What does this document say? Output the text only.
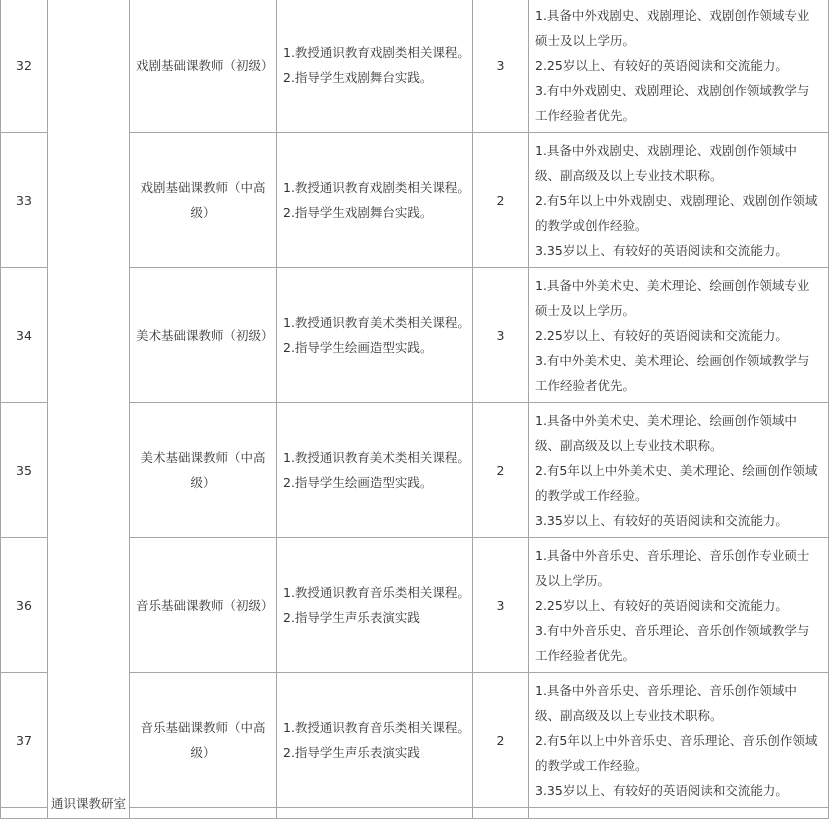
32	通识课教研室	戏剧基础课教师（初级）	1.教授通识教育戏剧类相关课程。
2.指导学生戏剧舞台实践。	3	1.具备中外戏剧史、戏剧理论、戏剧创作领域专业
硕士及以上学历。
2.25岁以上、有较好的英语阅读和交流能力。
3.有中外戏剧史、戏剧理论、戏剧创作领域教学与
工作经验者优先。

33		戏剧基础课教师（中高级）	1.教授通识教育戏剧类相关课程。
2.指导学生戏剧舞台实践。	2	1.具备中外戏剧史、戏剧理论、戏剧创作领域中
级、副高级及以上专业技术职称。
2.有5年以上中外戏剧史、戏剧理论、戏剧创作领域
的教学或创作经验。
3.35岁以上、有较好的英语阅读和交流能力。

34		美术基础课教师（初级）	1.教授通识教育美术类相关课程。
2.指导学生绘画造型实践。	3	1.具备中外美术史、美术理论、绘画创作领域专业
硕士及以上学历。
2.25岁以上、有较好的英语阅读和交流能力。
3.有中外美术史、美术理论、绘画创作领域教学与
工作经验者优先。

35		美术基础课教师（中高级）	1.教授通识教育美术类相关课程。
2.指导学生绘画造型实践。	2	1.具备中外美术史、美术理论、绘画创作领域中
级、副高级及以上专业技术职称。
2.有5年以上中外美术史、美术理论、绘画创作领域
的教学或工作经验。
3.35岁以上、有较好的英语阅读和交流能力。

36		音乐基础课教师（初级）	1.教授通识教育音乐类相关课程。
2.指导学生声乐表演实践	3	1.具备中外音乐史、音乐理论、音乐创作专业硕士
及以上学历。
2.25岁以上、有较好的英语阅读和交流能力。
3.有中外音乐史、音乐理论、音乐创作领域教学与
工作经验者优先。

37		音乐基础课教师（中高级）	1.教授通识教育音乐类相关课程。
2.指导学生声乐表演实践	2	1.具备中外音乐史、音乐理论、音乐创作领域中
级、副高级及以上专业技术职称。
2.有5年以上中外音乐史、音乐理论、音乐创作领域
的教学或工作经验。
3.35岁以上、有较好的英语阅读和交流能力。
